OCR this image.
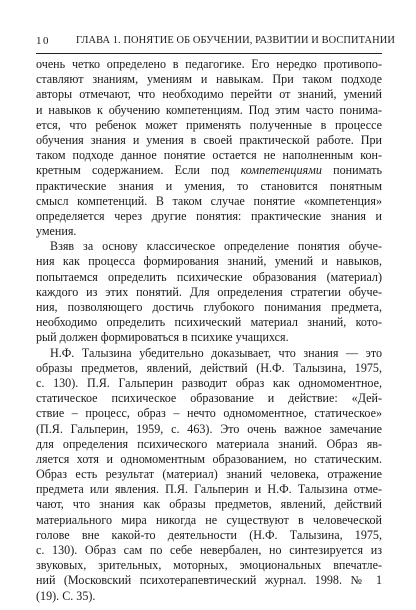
10	ГЛАВА 1. ПОНЯТИЕ ОБ ОБУЧЕНИИ, РАЗВИТИИ И ВОСПИТАНИИ
очень четко определено в педагогике. Его нередко противопо-
ставляют знаниям, умениям и навыкам. При таком подходе
авторы отмечают, что необходимо перейти от знаний, умений
и навыков к обучению компетенциям. Под этим часто понима-
ется, что ребенок может применять полученные в процессе
обучения знания и умения в своей практической работе. При
таком подходе данное понятие остается не наполненным кон-
кретным содержанием. Если под компетенциями понимать
практические знания и умения, то становится понятным
смысл компетенций. В таком случае понятие «компетенция»
определяется через другие понятия: практические знания и
умения.
Взяв за основу классическое определение понятия обуче-
ния как процесса формирования знаний, умений и навыков,
попытаемся определить психические образования (материал)
каждого из этих понятий. Для определения стратегии обуче-
ния, позволяющего достичь глубокого понимания предмета,
необходимо определить психический материал знаний, кото-
рый должен формироваться в психике учащихся.
Н.Ф. Талызина убедительно доказывает, что знания — это
образы предметов, явлений, действий (Н.Ф. Талызина, 1975,
с. 130). П.Я. Гальперин разводит образ как одномоментное,
статическое психическое образование и действие: «Дей-
ствие – процесс, образ – нечто одномоментное, статическое»
(П.Я. Гальперин, 1959, с. 463). Это очень важное замечание
для определения психического материала знаний. Образ яв-
ляется хотя и одномоментным образованием, но статическим.
Образ есть результат (материал) знаний человека, отражение
предмета или явления. П.Я. Гальперин и Н.Ф. Талызина отме-
чают, что знания как образы предметов, явлений, действий
материального мира никогда не существуют в человеческой
голове вне какой-то деятельности (Н.Ф. Талызина, 1975,
с. 130). Образ сам по себе невербален, но синтезируется из
звуковых, зрительных, моторных, эмоциональных впечатле-
ний (Московский психотерапевтический журнал. 1998. № 1
(19). С. 35).
